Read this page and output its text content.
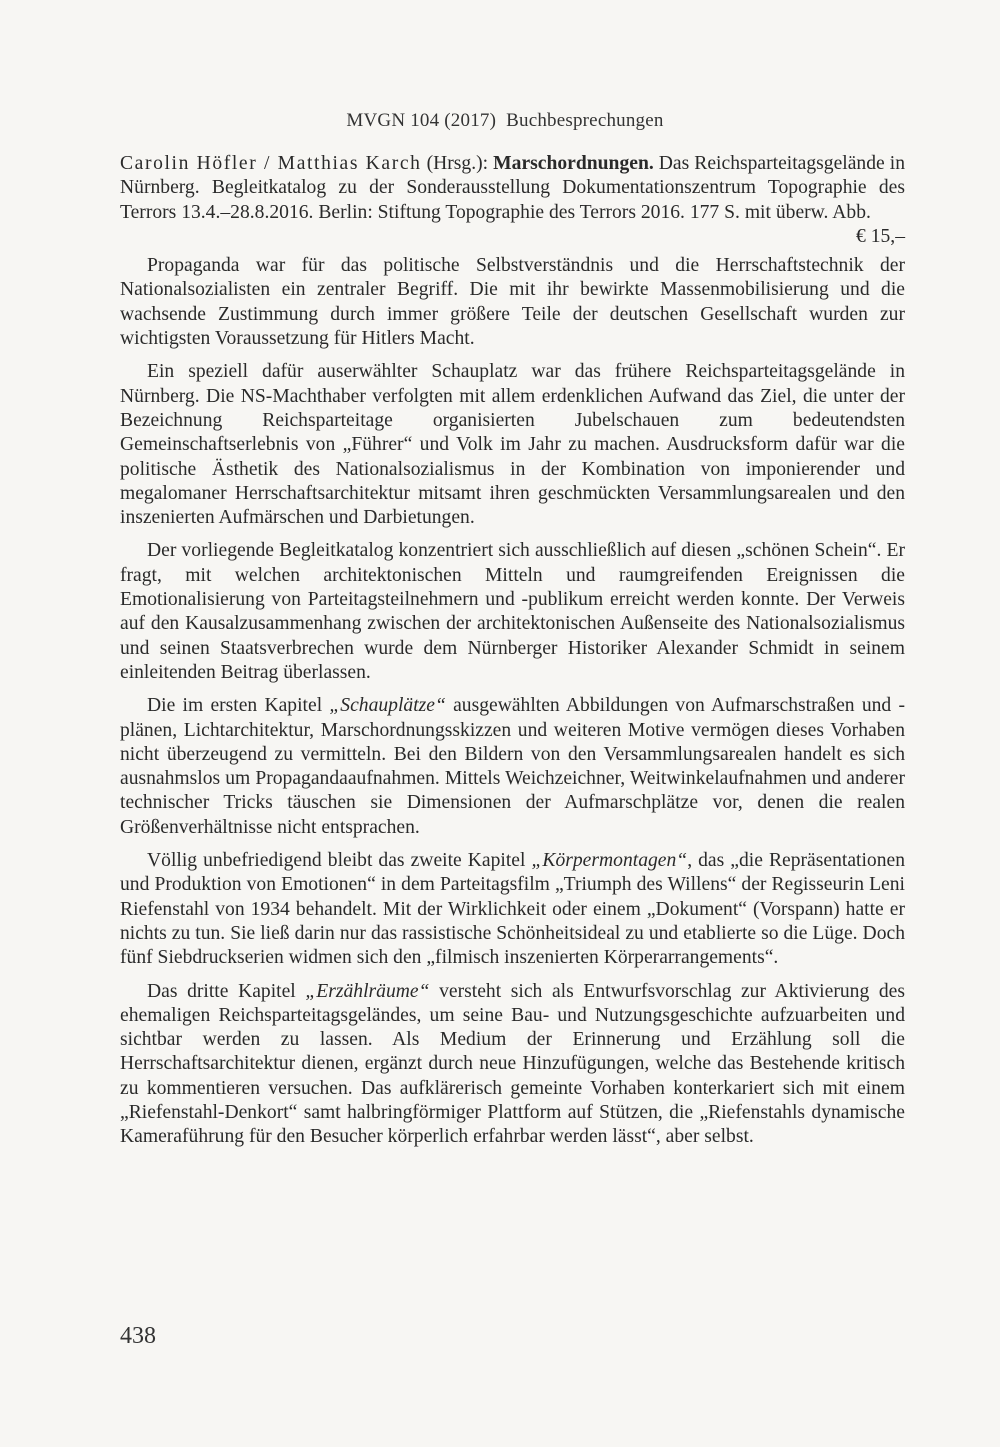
MVGN 104 (2017) Buchbesprechungen

Carolin Höfler / Matthias Karch (Hrsg.): Marschordnungen. Das Reichsparteitagsgelände in Nürnberg. Begleitkatalog zu der Sonderausstellung Dokumentationszentrum Topographie des Terrors 13.4.–28.8.2016. Berlin: Stiftung Topographie des Terrors 2016. 177 S. mit überw. Abb.
€ 15,–

Propaganda war für das politische Selbstverständnis und die Herrschaftstechnik der Nationalsozialisten ein zentraler Begriff. Die mit ihr bewirkte Massenmobilisierung und die wachsende Zustimmung durch immer größere Teile der deutschen Gesellschaft wurden zur wichtigsten Voraussetzung für Hitlers Macht.

Ein speziell dafür auserwählter Schauplatz war das frühere Reichsparteitagsgelände in Nürnberg. Die NS-Machthaber verfolgten mit allem erdenklichen Aufwand das Ziel, die unter der Bezeichnung Reichsparteitage organisierten Jubelschauen zum bedeutendsten Gemeinschaftserlebnis von „Führer“ und Volk im Jahr zu machen. Ausdrucksform dafür war die politische Ästhetik des Nationalsozialismus in der Kombination von imponierender und megalomaner Herrschaftsarchitektur mitsamt ihren geschmückten Versammlungsarealen und den inszenierten Aufmärschen und Darbietungen.

Der vorliegende Begleitkatalog konzentriert sich ausschließlich auf diesen „schönen Schein“. Er fragt, mit welchen architektonischen Mitteln und raumgreifenden Ereignissen die Emotionalisierung von Parteitagsteilnehmern und -publikum erreicht werden konnte. Der Verweis auf den Kausalzusammenhang zwischen der architektonischen Außenseite des Nationalsozialismus und seinen Staatsverbrechen wurde dem Nürnberger Historiker Alexander Schmidt in seinem einleitenden Beitrag überlassen.

Die im ersten Kapitel „Schauplätze“ ausgewählten Abbildungen von Aufmarschstraßen und -plänen, Lichtarchitektur, Marschordnungsskizzen und weiteren Motive vermögen dieses Vorhaben nicht überzeugend zu vermitteln. Bei den Bildern von den Versammlungsarealen handelt es sich ausnahmslos um Propagandaaufnahmen. Mittels Weichzeichner, Weitwinkelaufnahmen und anderer technischer Tricks täuschen sie Dimensionen der Aufmarschplätze vor, denen die realen Größenverhältnisse nicht entsprachen.

Völlig unbefriedigend bleibt das zweite Kapitel „Körpermontagen“, das „die Repräsentationen und Produktion von Emotionen“ in dem Parteitagsfilm „Triumph des Willens“ der Regisseurin Leni Riefenstahl von 1934 behandelt. Mit der Wirklichkeit oder einem „Dokument“ (Vorspann) hatte er nichts zu tun. Sie ließ darin nur das rassistische Schönheitsideal zu und etablierte so die Lüge. Doch fünf Siebdruckserien widmen sich den „filmisch inszenierten Körperarrangements“.

Das dritte Kapitel „Erzählräume“ versteht sich als Entwurfsvorschlag zur Aktivierung des ehemaligen Reichsparteitagsgeländes, um seine Bau- und Nutzungsgeschichte aufzuarbeiten und sichtbar werden zu lassen. Als Medium der Erinnerung und Erzählung soll die Herrschaftsarchitektur dienen, ergänzt durch neue Hinzufügungen, welche das Bestehende kritisch zu kommentieren versuchen. Das aufklärerisch gemeinte Vorhaben konterkariert sich mit einem „Riefenstahl-Denkort“ samt halbringförmiger Plattform auf Stützen, die „Riefenstahls dynamische Kameraführung für den Besucher körperlich erfahrbar werden lässt“, aber selbst.

438
